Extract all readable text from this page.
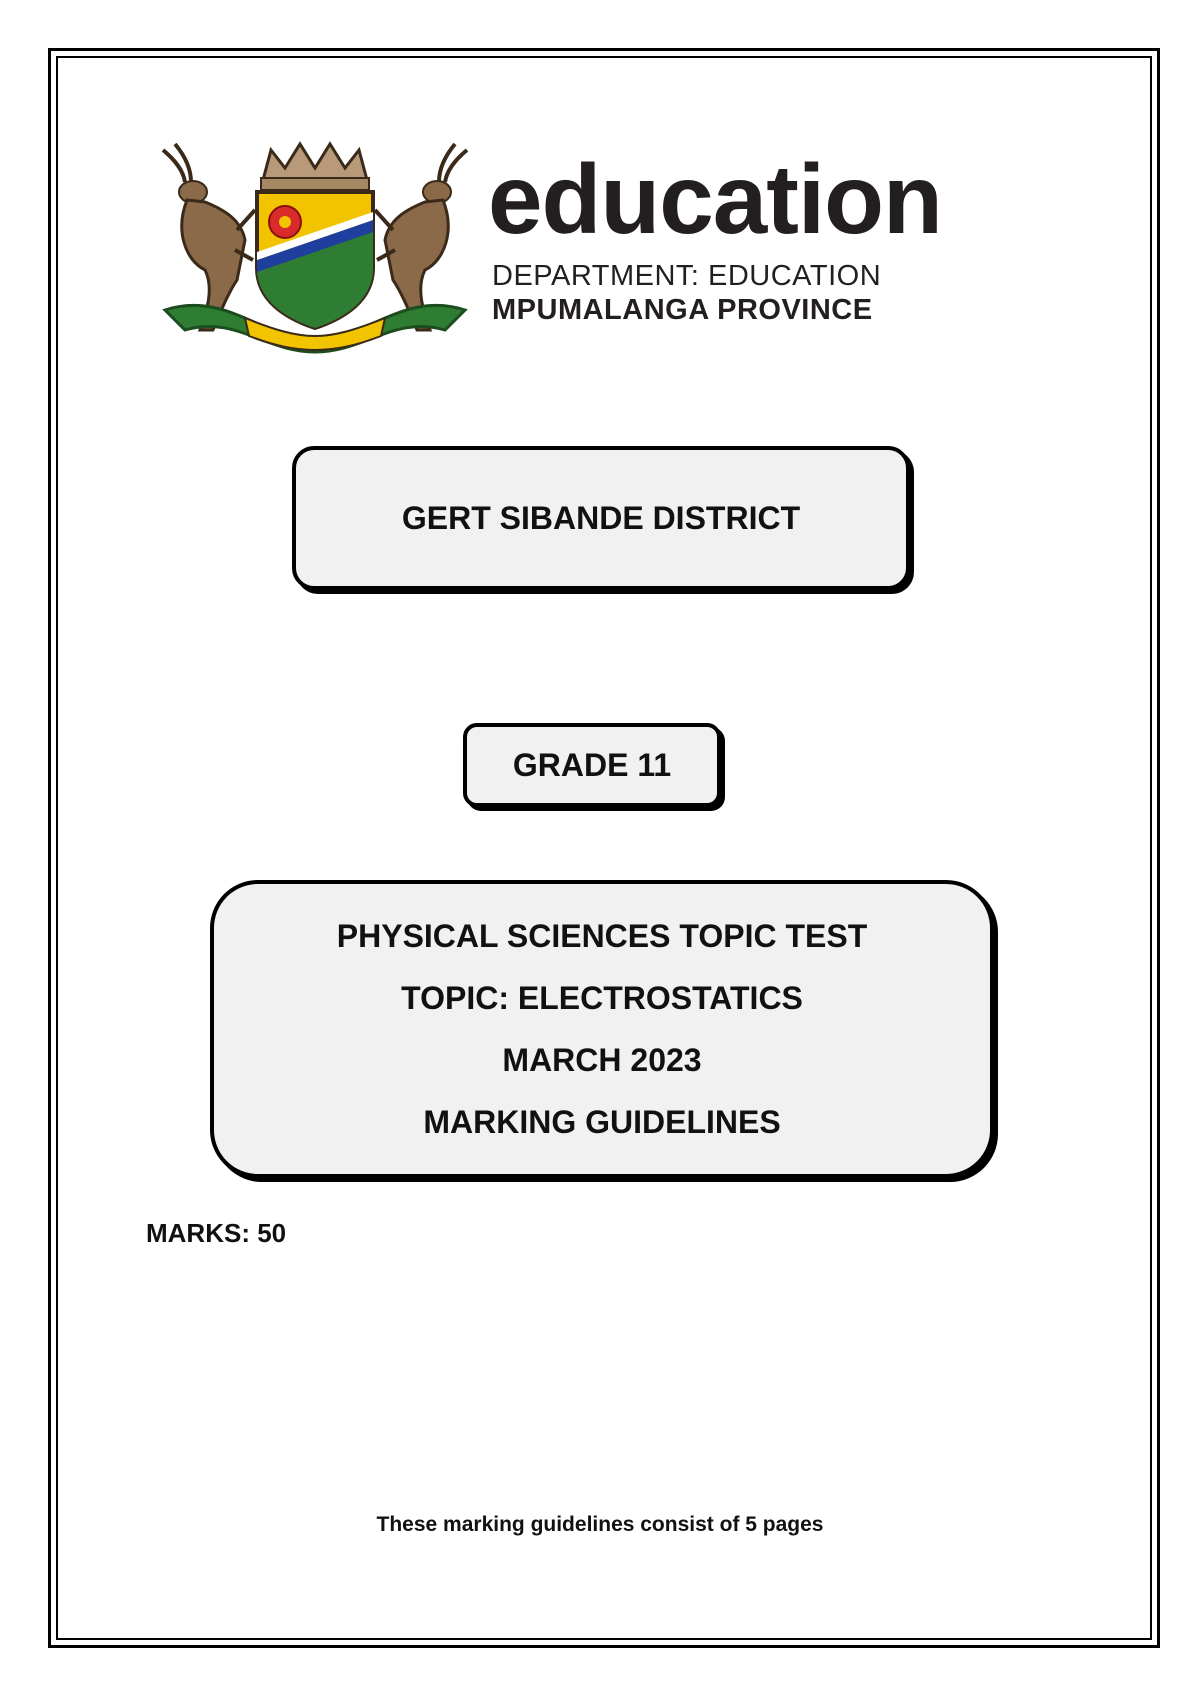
education
DEPARTMENT: EDUCATION
MPUMALANGA PROVINCE
GERT SIBANDE DISTRICT
GRADE 11
PHYSICAL SCIENCES TOPIC TEST
TOPIC: ELECTROSTATICS
MARCH 2023
MARKING GUIDELINES
MARKS: 50
These marking guidelines consist of 5 pages
